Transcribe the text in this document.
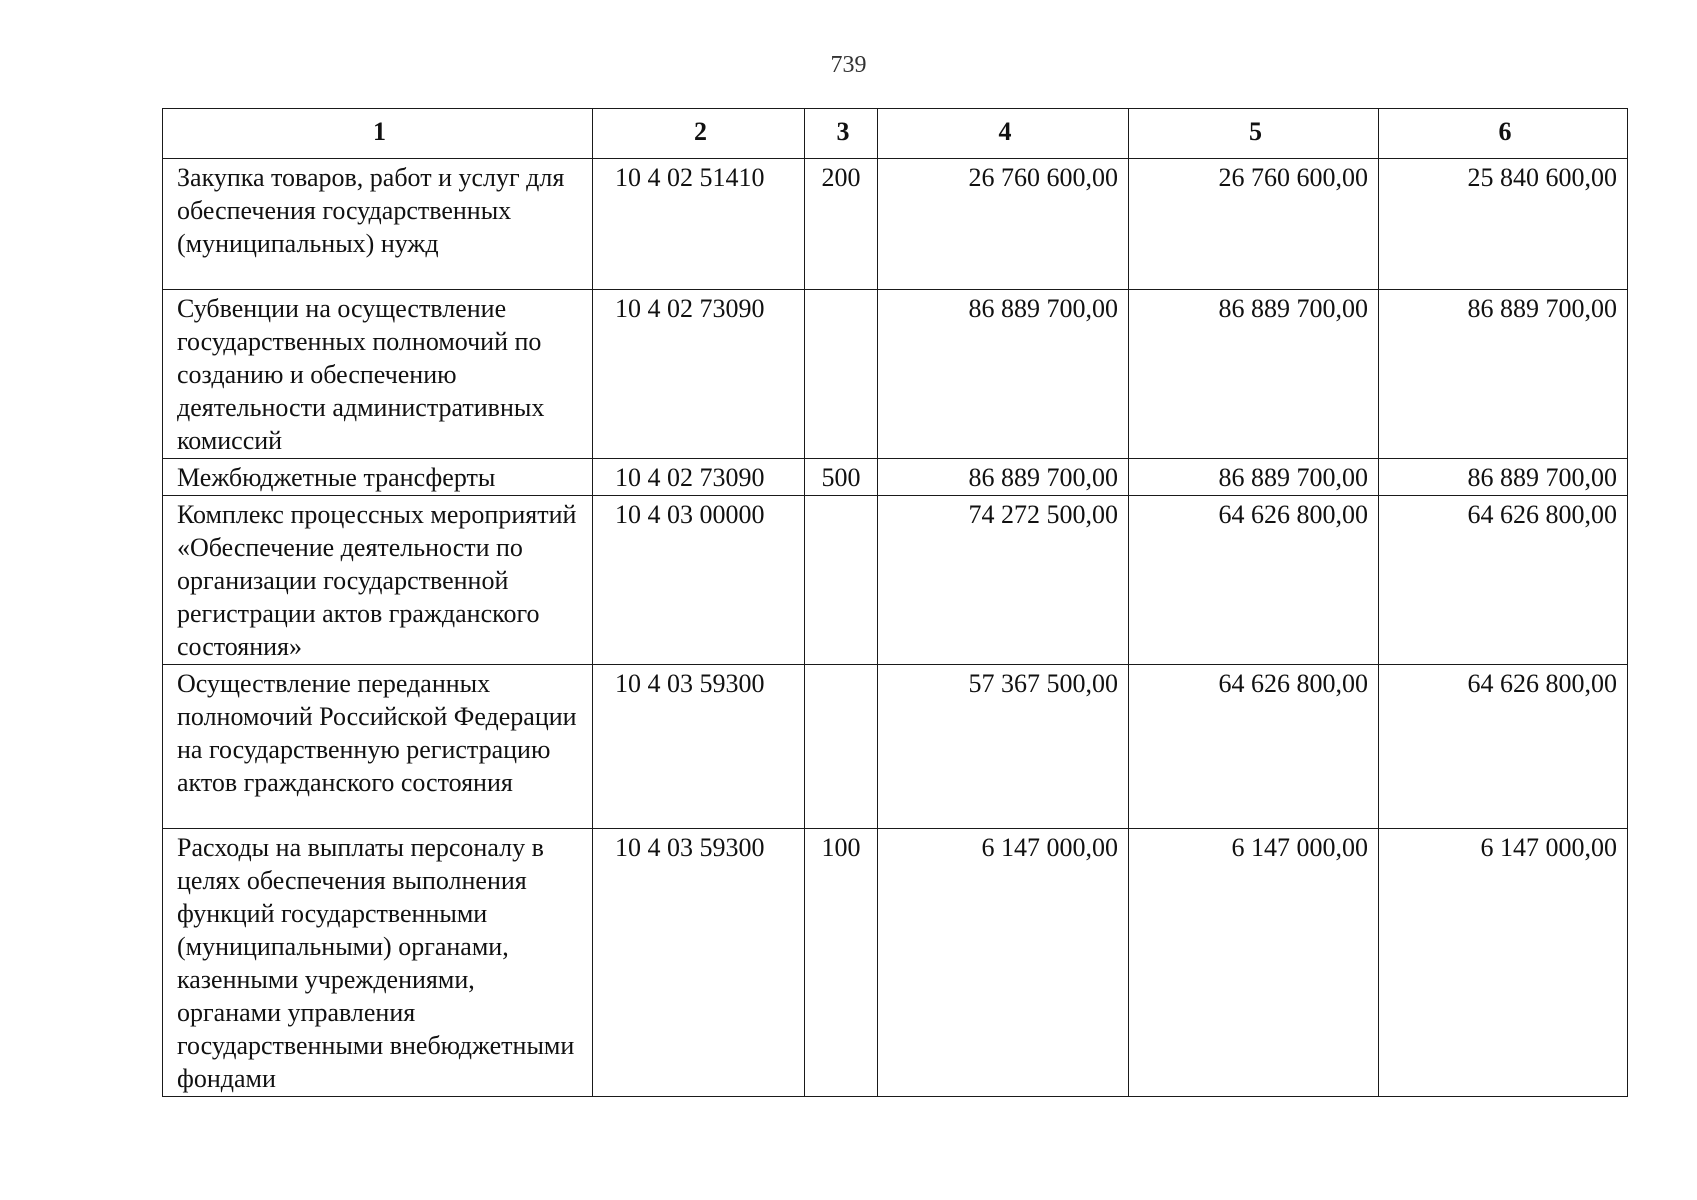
739
1	2	3	4	5	6
Закупка товаров, работ и услуг для обеспечения государственных (муниципальных) нужд	10 4 02 51410	200	26 760 600,00	26 760 600,00	25 840 600,00
Субвенции на осуществление государственных полномочий по созданию и обеспечению деятельности административных комиссий	10 4 02 73090		86 889 700,00	86 889 700,00	86 889 700,00
Межбюджетные трансферты	10 4 02 73090	500	86 889 700,00	86 889 700,00	86 889 700,00
Комплекс процессных мероприятий «Обеспечение деятельности по организации государственной регистрации актов гражданского состояния»	10 4 03 00000		74 272 500,00	64 626 800,00	64 626 800,00
Осуществление переданных полномочий Российской Федерации на государственную регистрацию актов гражданского состояния	10 4 03 59300		57 367 500,00	64 626 800,00	64 626 800,00
Расходы на выплаты персоналу в целях обеспечения выполнения функций государственными (муниципальными) органами, казенными учреждениями, органами управления государственными внебюджетными фондами	10 4 03 59300	100	6 147 000,00	6 147 000,00	6 147 000,00
